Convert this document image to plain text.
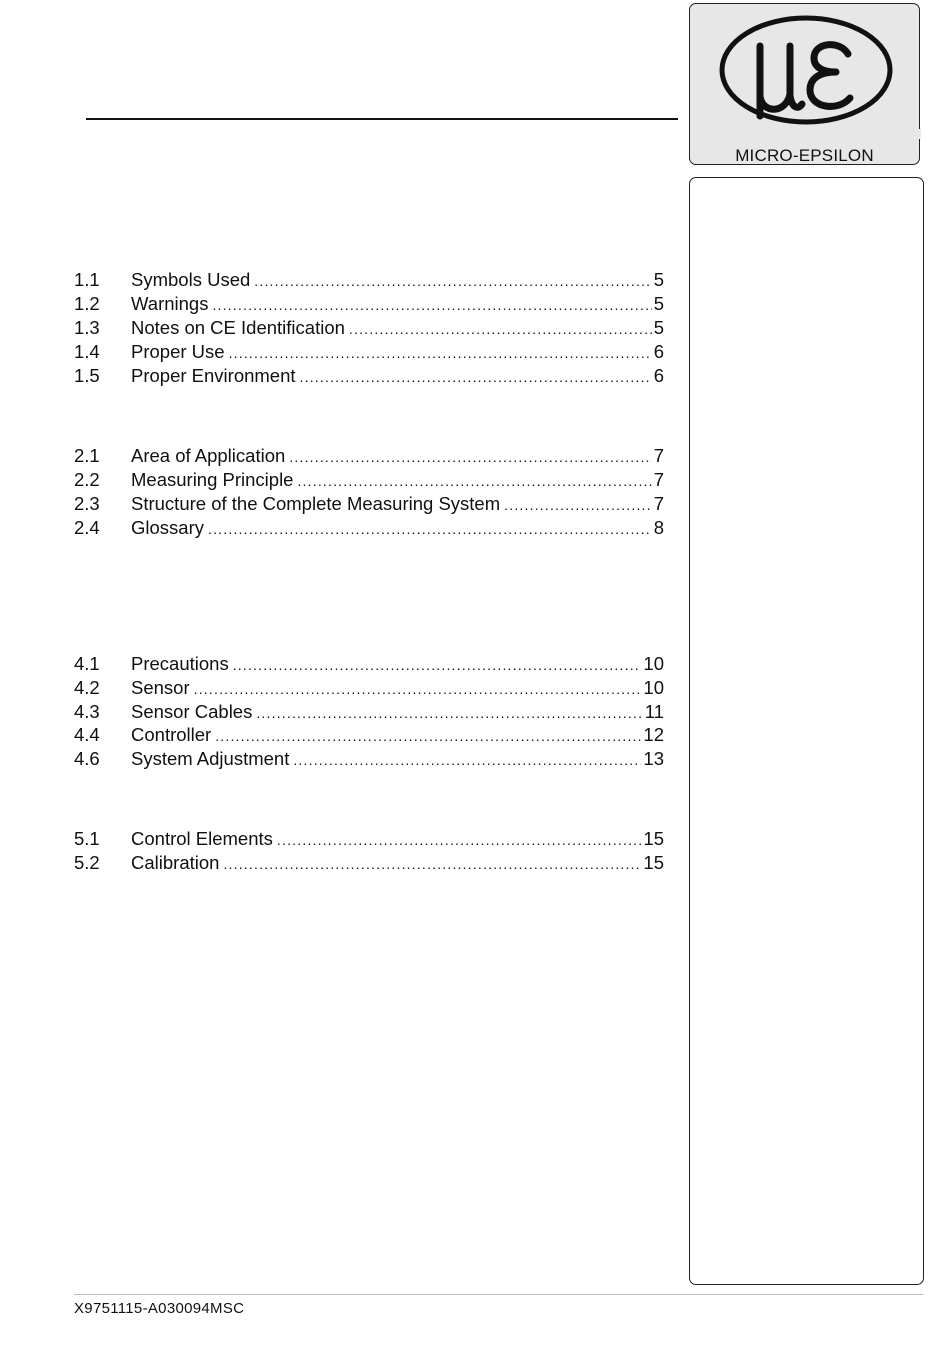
MICRO-EPSILON
1.1	Symbols Used .....	5
1.2	Warnings .....	5
1.3	Notes on CE Identification .....	5
1.4	Proper Use .....	6
1.5	Proper Environment .....	6
2.1	Area of Application .....	7
2.2	Measuring Principle .....	7
2.3	Structure of the Complete Measuring System .....	7
2.4	Glossary .....	8
4.1	Precautions .....	10
4.2	Sensor .....	10
4.3	Sensor Cables .....	11
4.4	Controller .....	12
4.6	System Adjustment .....	13
5.1	Control Elements .....	15
5.2	Calibration .....	15
X9751115-A030094MSC
